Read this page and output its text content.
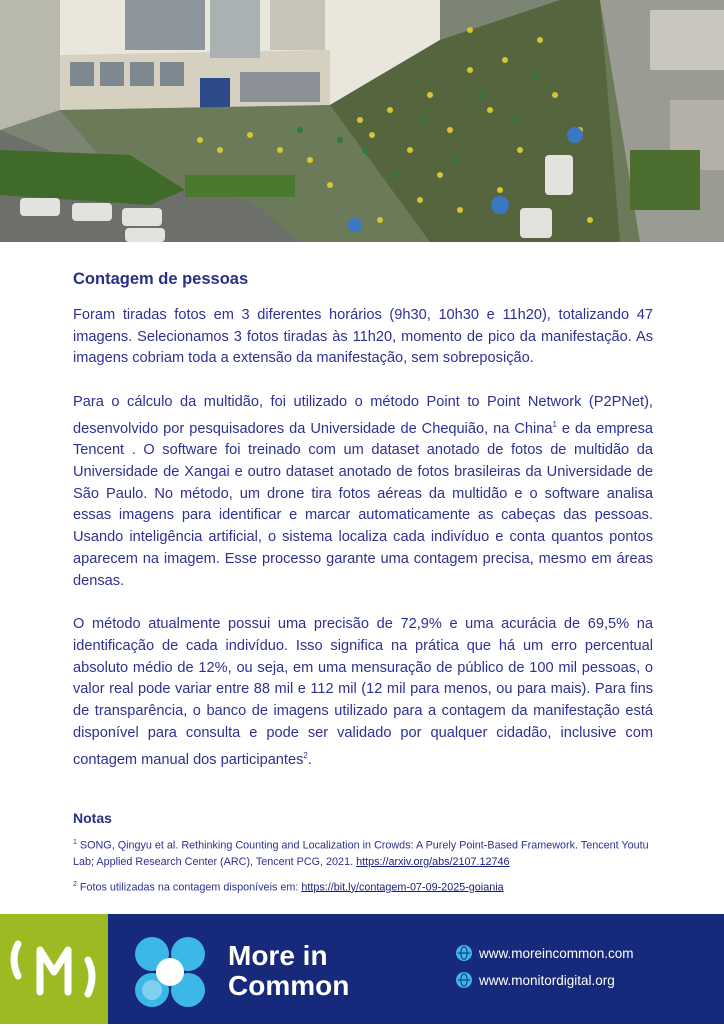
Contagem de pessoas

Foram tiradas fotos em 3 diferentes horários (9h30, 10h30 e 11h20), totalizando 47 imagens. Selecionamos 3 fotos tiradas às 11h20, momento de pico da manifestação. As imagens cobriam toda a extensão da manifestação, sem sobreposição.

Para o cálculo da multidão, foi utilizado o método Point to Point Network (P2PNet), desenvolvido por pesquisadores da Universidade de Chequião, na China$^1$ e da empresa Tencent . O software foi treinado com um dataset anotado de fotos de multidão da Universidade de Xangai e outro dataset anotado de fotos brasileiras da Universidade de São Paulo. No método, um drone tira fotos aéreas da multidão e o software analisa essas imagens para identificar e marcar automaticamente as cabeças das pessoas. Usando inteligência artificial, o sistema localiza cada indivíduo e conta quantos pontos aparecem na imagem. Esse processo garante uma contagem precisa, mesmo em áreas densas.

O método atualmente possui uma precisão de 72,9% e uma acurácia de 69,5% na identificação de cada indivíduo. Isso significa na prática que há um erro percentual absoluto médio de 12%, ou seja, em uma mensuração de público de 100 mil pessoas, o valor real pode variar entre 88 mil e 112 mil (12 mil para menos, ou para mais). Para fins de transparência, o banco de imagens utilizado para a contagem da manifestação está disponível para consulta e pode ser validado por qualquer cidadão, inclusive com contagem manual dos participantes$^2$.

Notas
$^1$ SONG, Qingyu et al. Rethinking Counting and Localization in Crowds: A Purely Point-Based Framework. Tencent Youtu Lab; Applied Research Center (ARC), Tencent PCG, 2021. https://arxiv.org/abs/2107.12746
$^2$ Fotos utilizadas na contagem disponíveis em: https://bit.ly/contagem-07-09-2025-goiania
More in
Common
www.moreincommon.com
www.monitordigital.org
